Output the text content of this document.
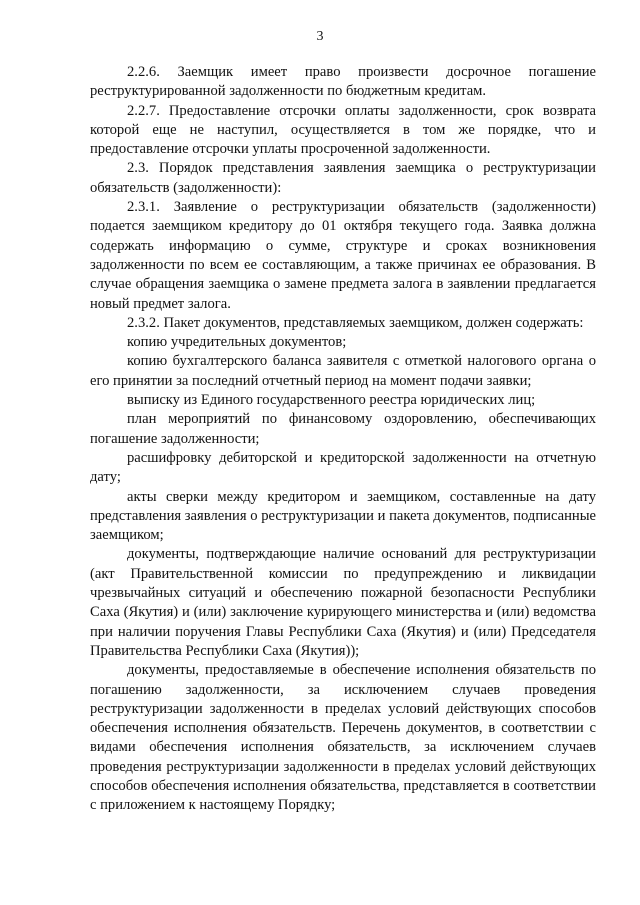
3

2.2.6. Заемщик имеет право произвести досрочное погашение реструктурированной задолженности по бюджетным кредитам.

2.2.7. Предоставление отсрочки оплаты задолженности, срок возврата которой еще не наступил, осуществляется в том же порядке, что и предоставление отсрочки уплаты просроченной задолженности.

2.3. Порядок представления заявления заемщика о реструктуризации обязательств (задолженности):

2.3.1. Заявление о реструктуризации обязательств (задолженности) подается заемщиком кредитору до 01 октября текущего года. Заявка должна содержать информацию о сумме, структуре и сроках возникновения задолженности по всем ее составляющим, а также причинах ее образования. В случае обращения заемщика о замене предмета залога в заявлении предлагается новый предмет залога.

2.3.2. Пакет документов, представляемых заемщиком, должен содержать:

копию учредительных документов;

копию бухгалтерского баланса заявителя с отметкой налогового органа о его принятии за последний отчетный период на момент подачи заявки;

выписку из Единого государственного реестра юридических лиц;

план мероприятий по финансовому оздоровлению, обеспечивающих погашение задолженности;

расшифровку дебиторской и кредиторской задолженности на отчетную дату;

акты сверки между кредитором и заемщиком, составленные на дату представления заявления о реструктуризации и пакета документов, подписанные заемщиком;

документы, подтверждающие наличие оснований для реструктуризации (акт Правительственной комиссии по предупреждению и ликвидации чрезвычайных ситуаций и обеспечению пожарной безопасности Республики Саха (Якутия) и (или) заключение курирующего министерства и (или) ведомства при наличии поручения Главы Республики Саха (Якутия) и (или) Председателя Правительства Республики Саха (Якутия));

документы, предоставляемые в обеспечение исполнения обязательств по погашению задолженности, за исключением случаев проведения реструктуризации задолженности в пределах условий действующих способов обеспечения исполнения обязательств. Перечень документов, в соответствии с видами обеспечения исполнения обязательств, за исключением случаев проведения реструктуризации задолженности в пределах условий действующих способов обеспечения исполнения обязательства, представляется в соответствии с приложением к настоящему Порядку;
